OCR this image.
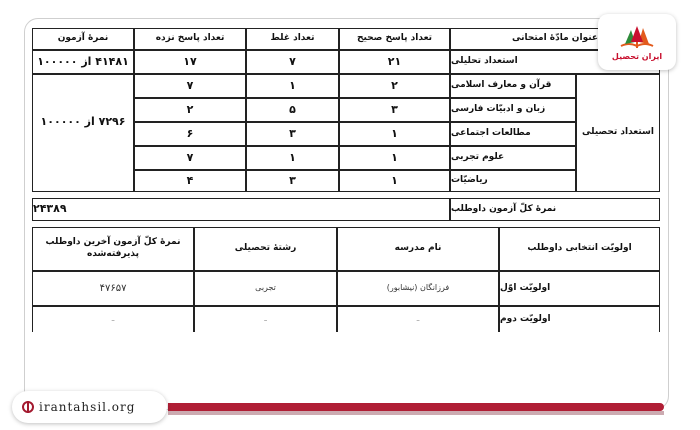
عنوان مادّهٔ امتحانی
تعداد پاسخ صحیح
تعداد غلط
تعداد پاسخ نزده
نمرهٔ آزمون
استعداد تحلیلی
۲۱
۷
۱۷
۴۱۴۸۱ از ۱۰۰۰۰۰
استعداد تحصیلی
۷۲۹۶ از ۱۰۰۰۰۰
قرآن و معارف اسلامی
۲
۱
۷
زبان و ادبیّات فارسی
۳
۵
۲
مطالعات اجتماعی
۱
۳
۶
علوم تجربی
۱
۱
۷
ریاضیّات
۱
۳
۴
نمرهٔ کلّ آزمون داوطلب
۲۴۳۸۹
اولویّت انتخابی داوطلب
نام مدرسه
رشتهٔ تحصیلی
نمرهٔ کلّ آزمون آخرین داوطلب پذیرفته‌شده
اولویّت اوّل
فرزانگان (نیشابور)
تجربی
۴۷۶۵۷
اولویّت دوم
ـ
ـ
ـ
ایران تحصیل
irantahsil.org
